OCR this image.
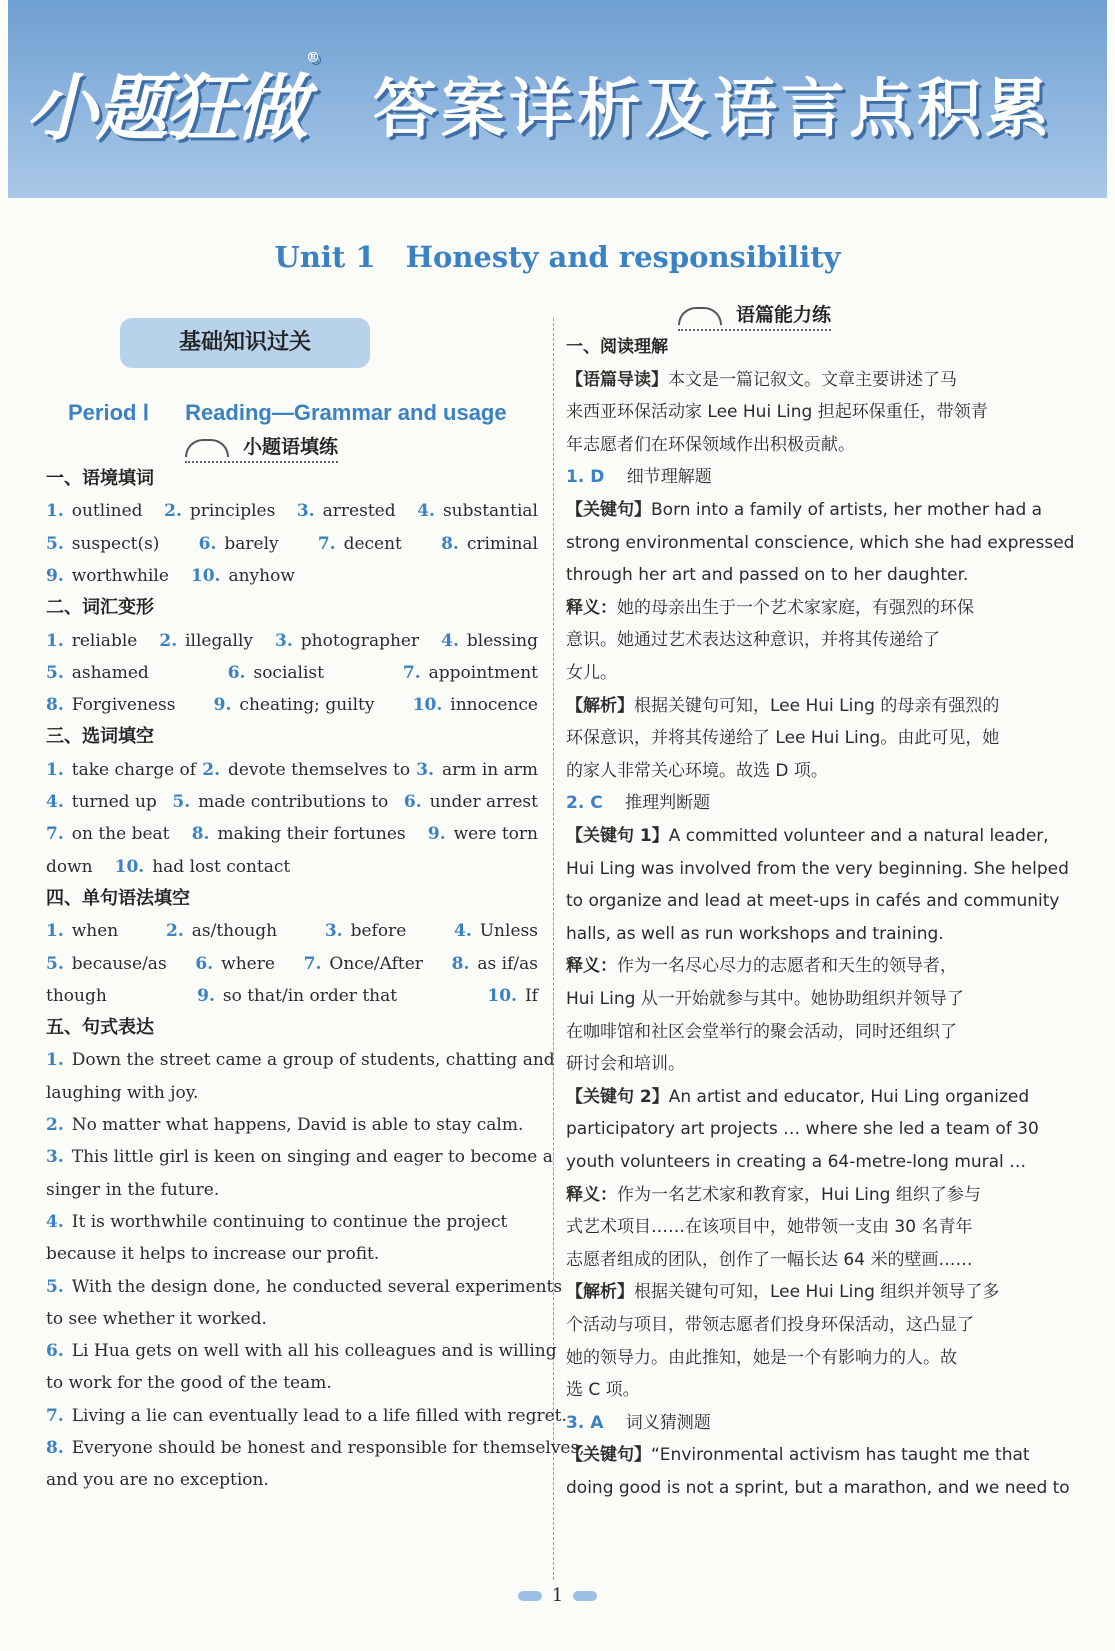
小题狂做®
答案详析及语言点积累
Unit 1 Honesty and responsibility
基础知识过关
Period Ⅰ Reading—Grammar and usage
小题语填练
一、语境填词
1. outlined 2. principles 3. arrested 4. substantial
5. suspect(s) 6. barely 7. decent 8. criminal
9. worthwhile 10. anyhow
二、词汇变形
1. reliable 2. illegally 3. photographer 4. blessing
5. ashamed	6. socialist	7. appointment
8. Forgiveness 9. cheating; guilty 10. innocence
三、选词填空
1. take charge of 2. devote themselves to 3. arm in arm
4. turned up 5. made contributions to 6. under arrest
7. on the beat 8. making their fortunes 9. were torn
down 10. had lost contact
四、单句语法填空
1. when	2. as/though	3. before	4. Unless
5. because/as 6. where 7. Once/After 8. as if/as
though	9. so that/in order that	10. If
五、句式表达
1. Down the street came a group of students, chatting and
laughing with joy.
2. No matter what happens, David is able to stay calm.
3. This little girl is keen on singing and eager to become a
singer in the future.
4. It is worthwhile continuing to continue the project
because it helps to increase our profit.
5. With the design done, he conducted several experiments
to see whether it worked.
6. Li Hua gets on well with all his colleagues and is willing
to work for the good of the team.
7. Living a lie can eventually lead to a life filled with regret.
8. Everyone should be honest and responsible for themselves,
and you are no exception.
语篇能力练
一、阅读理解
【语篇导读】本文是一篇记叙文。文章主要讲述了马
来西亚环保活动家 Lee Hui Ling 担起环保重任，带领青
年志愿者们在环保领域作出积极贡献。
1. D  细节理解题
【关键句】Born into a family of artists, her mother had a
strong environmental conscience, which she had expressed
through her art and passed on to her daughter.
释义：她的母亲出生于一个艺术家家庭，有强烈的环保
意识。她通过艺术表达这种意识，并将其传递给了
女儿。
【解析】根据关键句可知，Lee Hui Ling 的母亲有强烈的
环保意识，并将其传递给了 Lee Hui Ling。由此可见，她
的家人非常关心环境。故选 D 项。
2. C  推理判断题
【关键句 1】A committed volunteer and a natural leader,
Hui Ling was involved from the very beginning. She helped
to organize and lead at meet-ups in cafés and community
halls, as well as run workshops and training.
释义：作为一名尽心尽力的志愿者和天生的领导者，
Hui Ling 从一开始就参与其中。她协助组织并领导了
在咖啡馆和社区会堂举行的聚会活动，同时还组织了
研讨会和培训。
【关键句 2】An artist and educator, Hui Ling organized
participatory art projects … where she led a team of 30
youth volunteers in creating a 64-metre-long mural …
释义：作为一名艺术家和教育家，Hui Ling 组织了参与
式艺术项目……在该项目中，她带领一支由 30 名青年
志愿者组成的团队，创作了一幅长达 64 米的壁画……
【解析】根据关键句可知，Lee Hui Ling 组织并领导了多
个活动与项目，带领志愿者们投身环保活动，这凸显了
她的领导力。由此推知，她是一个有影响力的人。故
选 C 项。
3. A  词义猜测题
【关键句】“Environmental activism has taught me that
doing good is not a sprint, but a marathon, and we need to
1
